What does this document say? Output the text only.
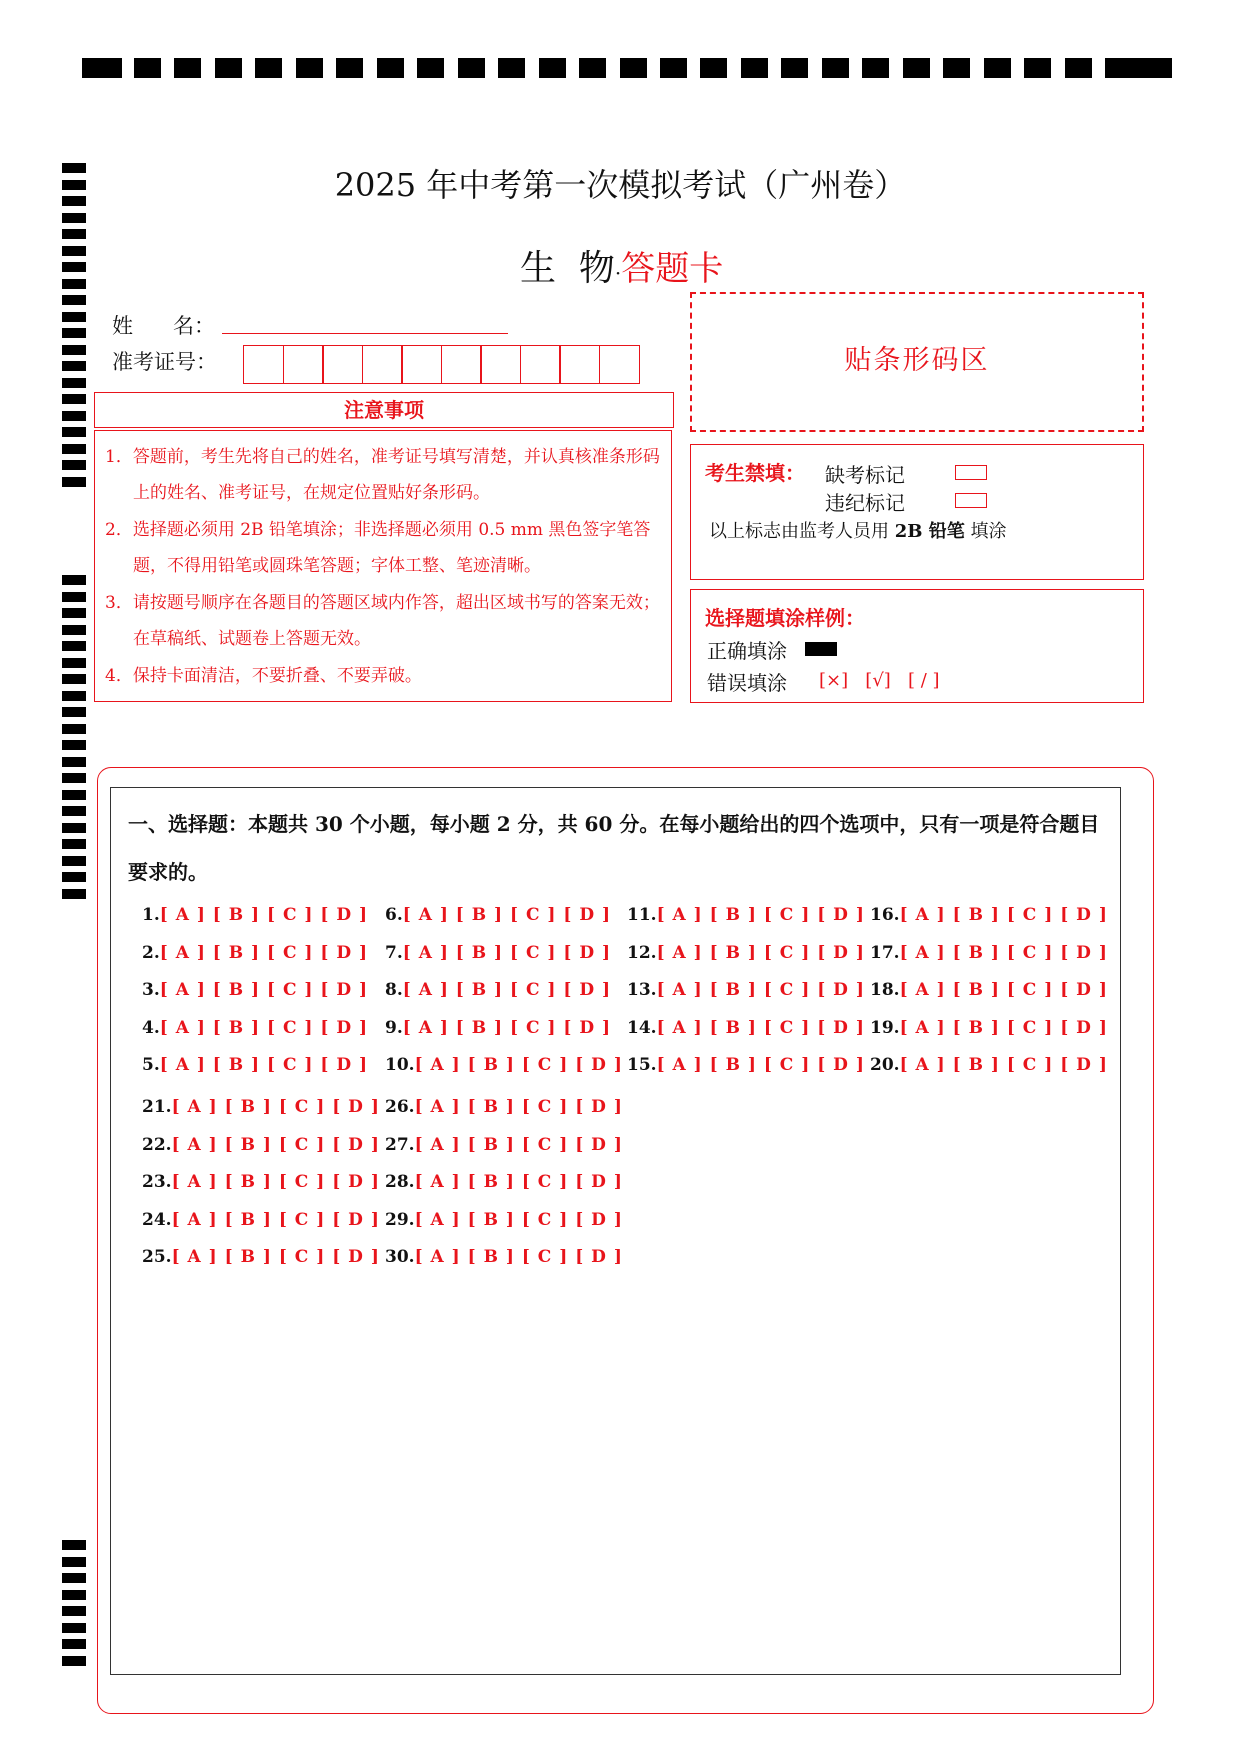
2025 年中考第一次模拟考试（广州卷）
生  物·答题卡
姓      名：
准考证号：
注意事项
1．答题前，考生先将自己的姓名，准考证号填写清楚，并认真核准条形码上的姓名、准考证号，在规定位置贴好条形码。
2．选择题必须用 2B 铅笔填涂；非选择题必须用 0.5 mm 黑色签字笔答题，不得用铅笔或圆珠笔答题；字体工整、笔迹清晰。
3．请按题号顺序在各题目的答题区域内作答，超出区域书写的答案无效；在草稿纸、试题卷上答题无效。
4．保持卡面清洁，不要折叠、不要弄破。
贴条形码区
考生禁填： 缺考标记
违纪标记
以上标志由监考人员用 2B 铅笔 填涂
选择题填涂样例：
正确填涂
错误填涂 [×]   [√]   [ / ]
一、选择题：本题共 30 个小题，每小题 2 分，共 60 分。在每小题给出的四个选项中，只有一项是符合题目要求的。
1.[ A ] [ B ] [ C ] [ D ]
2.[ A ] [ B ] [ C ] [ D ]
3.[ A ] [ B ] [ C ] [ D ]
4.[ A ] [ B ] [ C ] [ D ]
5.[ A ] [ B ] [ C ] [ D ]
6.[ A ] [ B ] [ C ] [ D ]
7.[ A ] [ B ] [ C ] [ D ]
8.[ A ] [ B ] [ C ] [ D ]
9.[ A ] [ B ] [ C ] [ D ]
10.[ A ] [ B ] [ C ] [ D ]
11.[ A ] [ B ] [ C ] [ D ]
12.[ A ] [ B ] [ C ] [ D ]
13.[ A ] [ B ] [ C ] [ D ]
14.[ A ] [ B ] [ C ] [ D ]
15.[ A ] [ B ] [ C ] [ D ]
16.[ A ] [ B ] [ C ] [ D ]
17.[ A ] [ B ] [ C ] [ D ]
18.[ A ] [ B ] [ C ] [ D ]
19.[ A ] [ B ] [ C ] [ D ]
20.[ A ] [ B ] [ C ] [ D ]
21.[ A ] [ B ] [ C ] [ D ]
22.[ A ] [ B ] [ C ] [ D ]
23.[ A ] [ B ] [ C ] [ D ]
24.[ A ] [ B ] [ C ] [ D ]
25.[ A ] [ B ] [ C ] [ D ]
26.[ A ] [ B ] [ C ] [ D ]
27.[ A ] [ B ] [ C ] [ D ]
28.[ A ] [ B ] [ C ] [ D ]
29.[ A ] [ B ] [ C ] [ D ]
30.[ A ] [ B ] [ C ] [ D ]
